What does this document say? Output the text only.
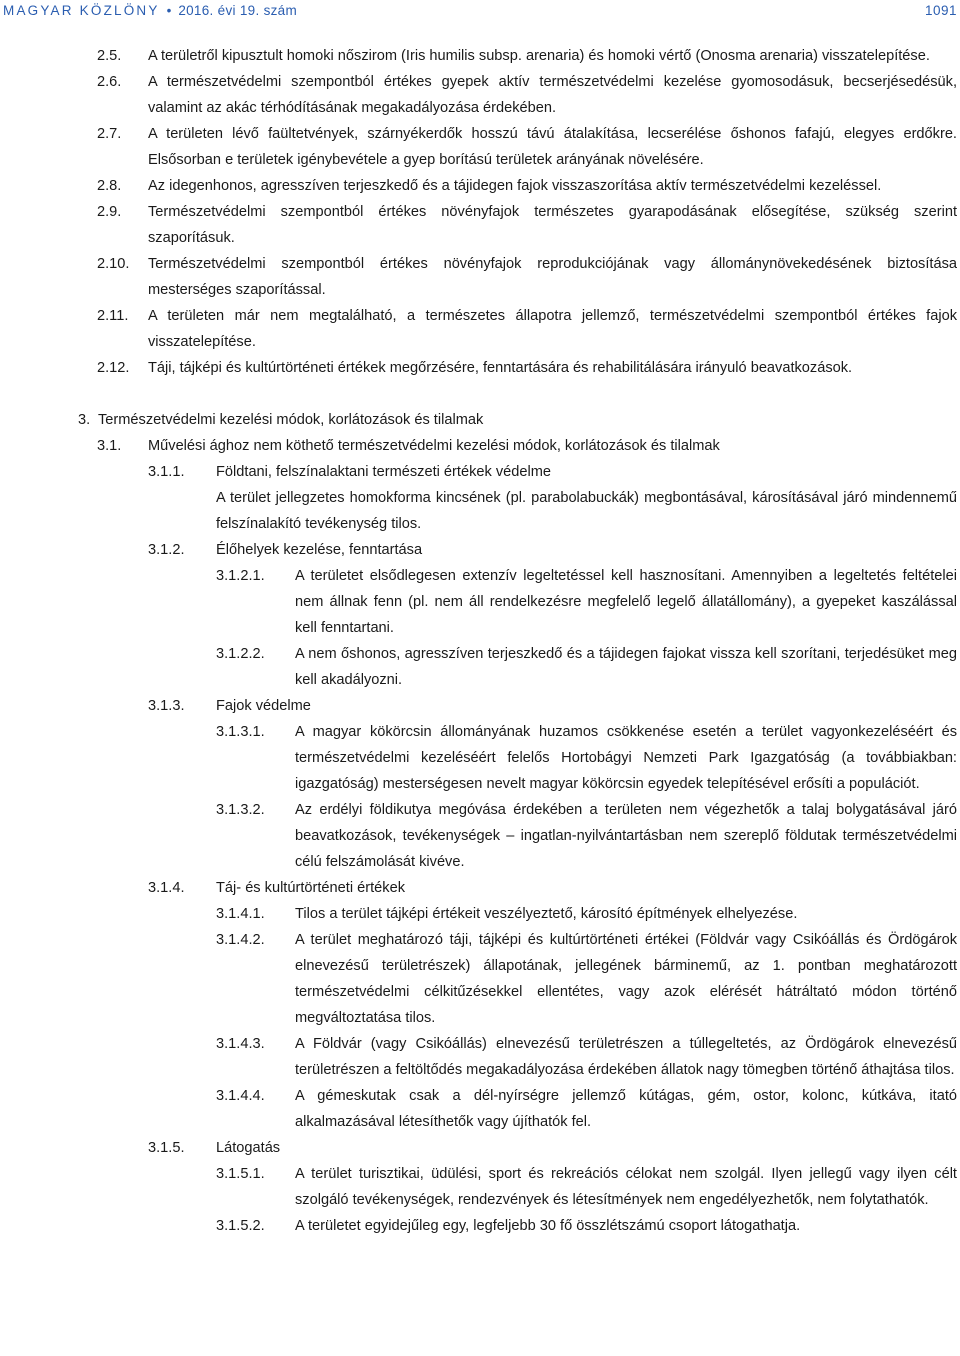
MAGYAR KÖZLÖNY • 2016. évi 19. szám	1091
2.5. A területről kipusztult homoki nőszirom (Iris humilis subsp. arenaria) és homoki vértő (Onosma arenaria) visszatelepítése.
2.6. A természetvédelmi szempontból értékes gyepek aktív természetvédelmi kezelése gyomosodásuk, becserjésedésük, valamint az akác térhódításának megakadályozása érdekében.
2.7. A területen lévő faültetvények, szárnyékerdők hosszú távú átalakítása, lecserélése őshonos fafajú, elegyes erdőkre. Elsősorban e területek igénybevétele a gyep borítású területek arányának növelésére.
2.8. Az idegenhonos, agresszíven terjeszkedő és a tájidegen fajok visszaszorítása aktív természetvédelmi kezeléssel.
2.9. Természetvédelmi szempontból értékes növényfajok természetes gyarapodásának elősegítése, szükség szerint szaporításuk.
2.10. Természetvédelmi szempontból értékes növényfajok reprodukciójának vagy állománynövekedésének biztosítása mesterséges szaporítással.
2.11. A területen már nem megtalálható, a természetes állapotra jellemző, természetvédelmi szempontból értékes fajok visszatelepítése.
2.12. Táji, tájképi és kultúrtörténeti értékek megőrzésére, fenntartására és rehabilitálására irányuló beavatkozások.
3. Természetvédelmi kezelési módok, korlátozások és tilalmak
3.1. Művelési ághoz nem köthető természetvédelmi kezelési módok, korlátozások és tilalmak
3.1.1. Földtani, felszínalaktani természeti értékek védelme
A terület jellegzetes homokforma kincsének (pl. parabolabuckák) megbontásával, károsításával járó mindennemű felszínalakító tevékenység tilos.
3.1.2. Élőhelyek kezelése, fenntartása
3.1.2.1. A területet elsődlegesen extenzív legeltetéssel kell hasznosítani. Amennyiben a legeltetés feltételei nem állnak fenn (pl. nem áll rendelkezésre megfelelő legelő állatállomány), a gyepeket kaszálással kell fenntartani.
3.1.2.2. A nem őshonos, agresszíven terjeszkedő és a tájidegen fajokat vissza kell szorítani, terjedésüket meg kell akadályozni.
3.1.3. Fajok védelme
3.1.3.1. A magyar kökörcsin állományának huzamos csökkenése esetén a terület vagyonkezeléséért és természetvédelmi kezeléséért felelős Hortobágyi Nemzeti Park Igazgatóság (a továbbiakban: igazgatóság) mesterségesen nevelt magyar kökörcsin egyedek telepítésével erősíti a populációt.
3.1.3.2. Az erdélyi földikutya megóvása érdekében a területen nem végezhetők a talaj bolygatásával járó beavatkozások, tevékenységek – ingatlan-nyilvántartásban nem szereplő földutak természetvédelmi célú felszámolását kivéve.
3.1.4. Táj- és kultúrtörténeti értékek
3.1.4.1. Tilos a terület tájképi értékeit veszélyeztető, károsító építmények elhelyezése.
3.1.4.2. A terület meghatározó táji, tájképi és kultúrtörténeti értékei (Földvár vagy Csikóállás és Ördögárok elnevezésű területrészek) állapotának, jellegének bárminemű, az 1. pontban meghatározott természetvédelmi célkitűzésekkel ellentétes, vagy azok elérését hátráltató módon történő megváltoztatása tilos.
3.1.4.3. A Földvár (vagy Csikóállás) elnevezésű területrészen a túllegeltetés, az Ördögárok elnevezésű területrészen a feltöltődés megakadályozása érdekében állatok nagy tömegben történő áthajtása tilos.
3.1.4.4. A gémeskutak csak a dél-nyírségre jellemző kútágas, gém, ostor, kolonc, kútkáva, itató alkalmazásával létesíthetők vagy újíthatók fel.
3.1.5. Látogatás
3.1.5.1. A terület turisztikai, üdülési, sport és rekreációs célokat nem szolgál. Ilyen jellegű vagy ilyen célt szolgáló tevékenységek, rendezvények és létesítmények nem engedélyezhetők, nem folytathatók.
3.1.5.2. A területet egyidejűleg egy, legfeljebb 30 fő összlétszámú csoport látogathatja.
